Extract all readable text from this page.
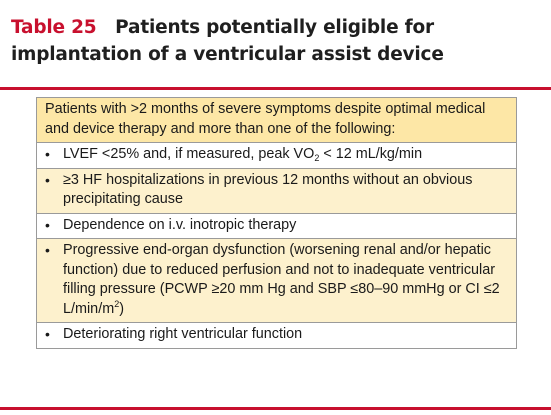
Table 25 Patients potentially eligible for implantation of a ventricular assist device
Patients with >2 months of severe symptoms despite optimal medical and device therapy and more than one of the following:
• LVEF <25% and, if measured, peak $VO_2 < 12$ mL/kg/min
• ≥3 HF hospitalizations in previous 12 months without an obvious precipitating cause
• Dependence on i.v. inotropic therapy
• Progressive end-organ dysfunction (worsening renal and/or hepatic function) due to reduced perfusion and not to inadequate ventricular filling pressure (PCWP ≥20 mm Hg and SBP ≤80–90 mmHg or CI ≤2 $L/\min/m^2$)
• Deteriorating right ventricular function
